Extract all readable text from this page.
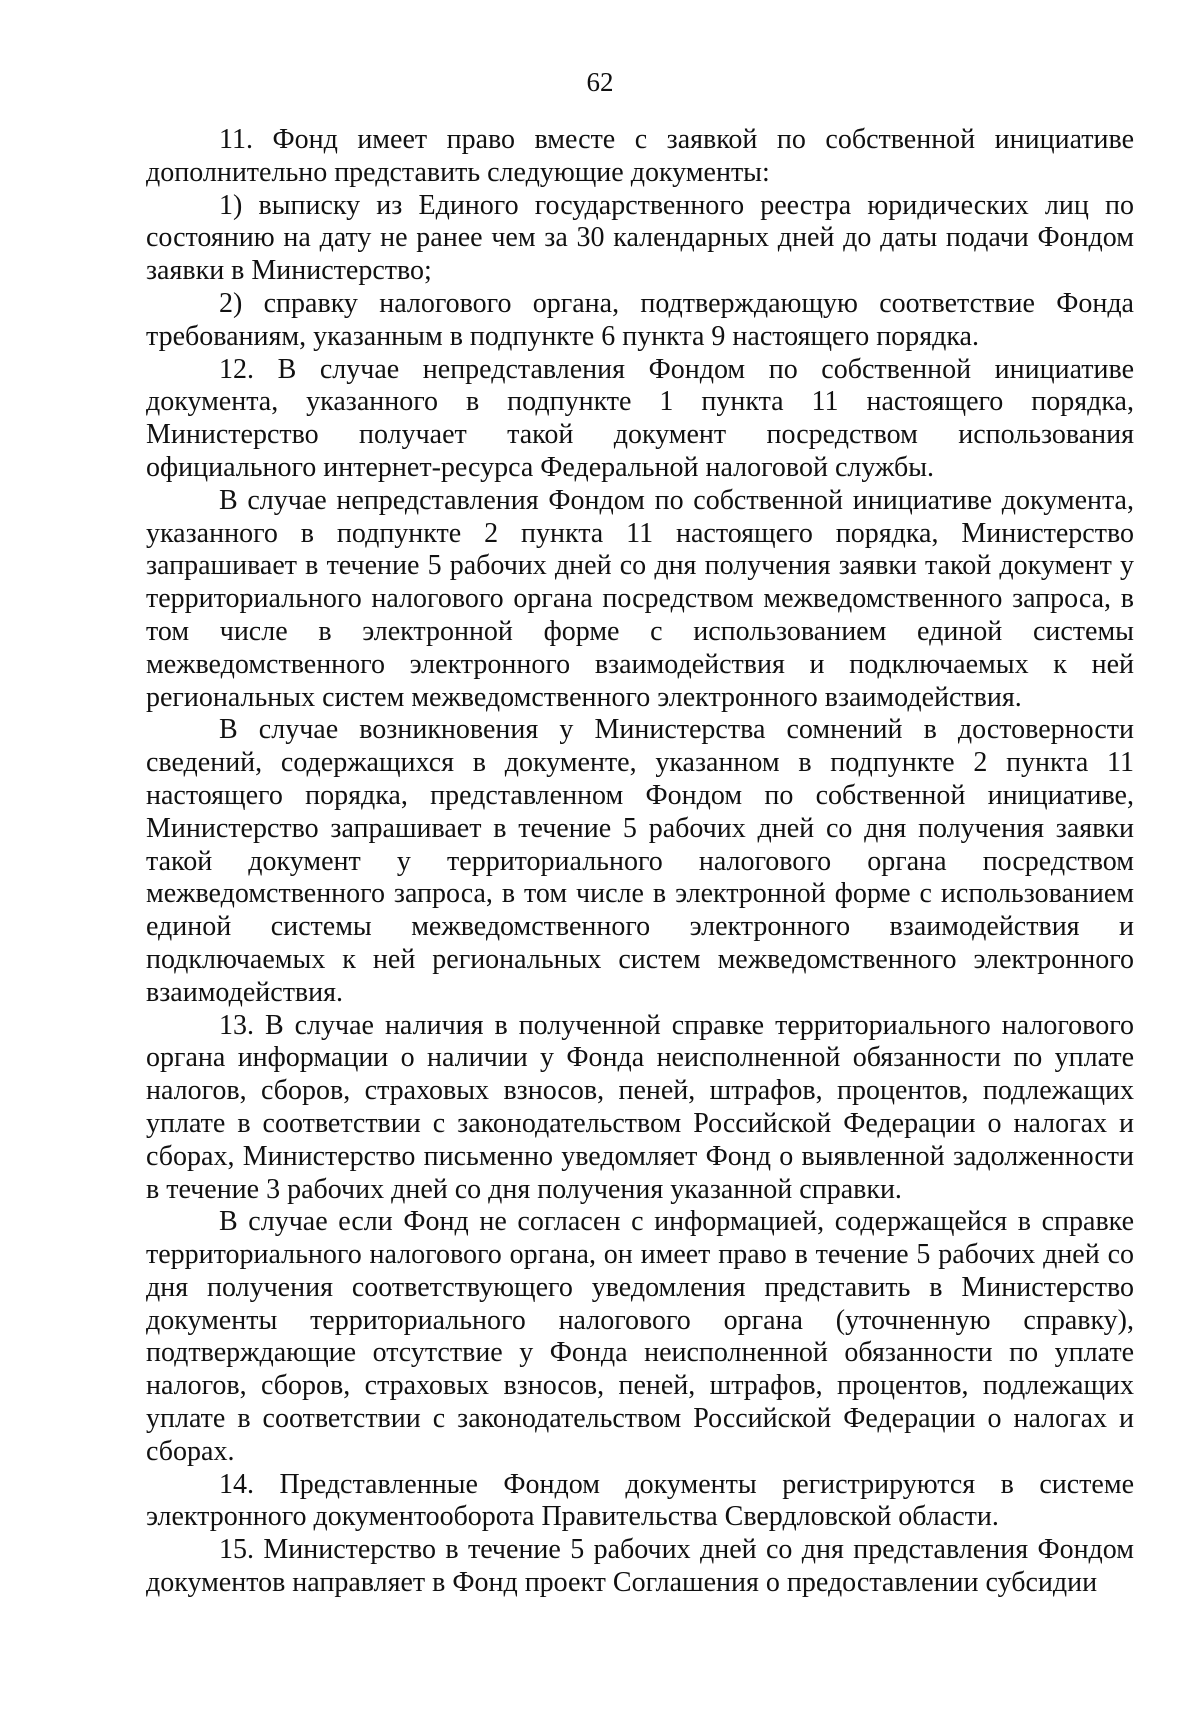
62

11. Фонд имеет право вместе с заявкой по собственной инициативе дополнительно представить следующие документы:

1) выписку из Единого государственного реестра юридических лиц по состоянию на дату не ранее чем за 30 календарных дней до даты подачи Фондом заявки в Министерство;

2) справку налогового органа, подтверждающую соответствие Фонда требованиям, указанным в подпункте 6 пункта 9 настоящего порядка.

12. В случае непредставления Фондом по собственной инициативе документа, указанного в подпункте 1 пункта 11 настоящего порядка, Министерство получает такой документ посредством использования официального интернет-ресурса Федеральной налоговой службы.

В случае непредставления Фондом по собственной инициативе документа, указанного в подпункте 2 пункта 11 настоящего порядка, Министерство запрашивает в течение 5 рабочих дней со дня получения заявки такой документ у территориального налогового органа посредством межведомственного запроса, в том числе в электронной форме с использованием единой системы межведомственного электронного взаимодействия и подключаемых к ней региональных систем межведомственного электронного взаимодействия.

В случае возникновения у Министерства сомнений в достоверности сведений, содержащихся в документе, указанном в подпункте 2 пункта 11 настоящего порядка, представленном Фондом по собственной инициативе, Министерство запрашивает в течение 5 рабочих дней со дня получения заявки такой документ у территориального налогового органа посредством межведомственного запроса, в том числе в электронной форме с использованием единой системы межведомственного электронного взаимодействия и подключаемых к ней региональных систем межведомственного электронного взаимодействия.

13. В случае наличия в полученной справке территориального налогового органа информации о наличии у Фонда неисполненной обязанности по уплате налогов, сборов, страховых взносов, пеней, штрафов, процентов, подлежащих уплате в соответствии с законодательством Российской Федерации о налогах и сборах, Министерство письменно уведомляет Фонд о выявленной задолженности в течение 3 рабочих дней со дня получения указанной справки.

В случае если Фонд не согласен с информацией, содержащейся в справке территориального налогового органа, он имеет право в течение 5 рабочих дней со дня получения соответствующего уведомления представить в Министерство документы территориального налогового органа (уточненную справку), подтверждающие отсутствие у Фонда неисполненной обязанности по уплате налогов, сборов, страховых взносов, пеней, штрафов, процентов, подлежащих уплате в соответствии с законодательством Российской Федерации о налогах и сборах.

14. Представленные Фондом документы регистрируются в системе электронного документооборота Правительства Свердловской области.

15. Министерство в течение 5 рабочих дней со дня представления Фондом документов направляет в Фонд проект Соглашения о предоставлении субсидии
